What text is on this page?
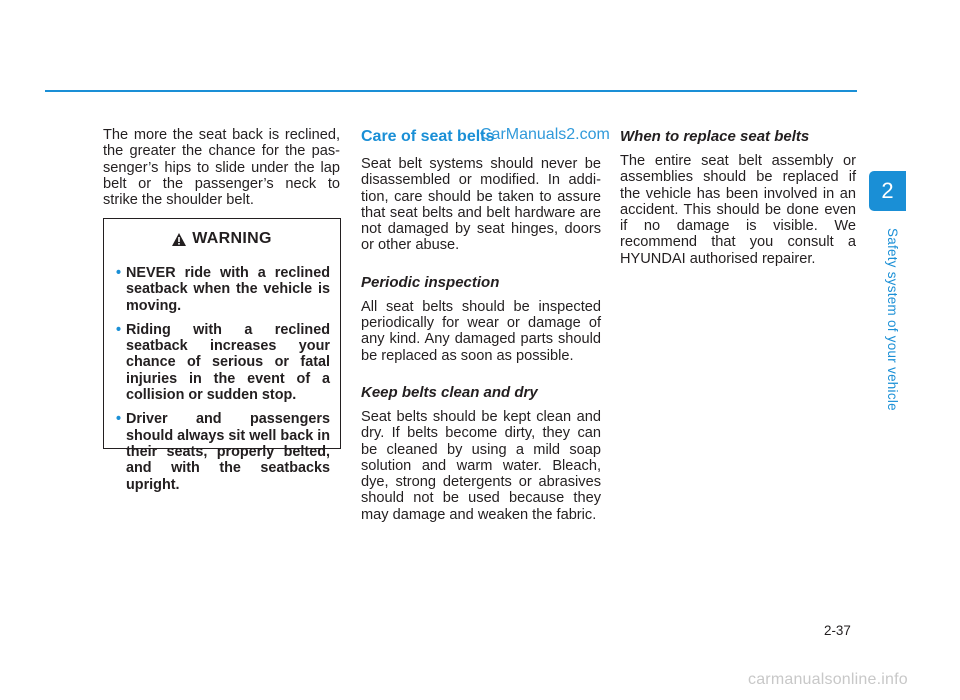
The more the seat back is reclined, the greater the chance for the passenger’s hips to slide under the lap belt or the passenger’s neck to strike the shoulder belt.

WARNING
• NEVER ride with a reclined seatback when the vehicle is moving.
• Riding with a reclined seatback increases your chance of serious or fatal injuries in the event of a collision or sudden stop.
• Driver and passengers should always sit well back in their seats, properly belted, and with the seatbacks upright.
Care of seat belts
CarManuals2.com

Seat belt systems should never be disassembled or modified. In addition, care should be taken to assure that seat belts and belt hardware are not damaged by seat hinges, doors or other abuse.

Periodic inspection

All seat belts should be inspected periodically for wear or damage of any kind. Any damaged parts should be replaced as soon as possible.

Keep belts clean and dry

Seat belts should be kept clean and dry. If belts become dirty, they can be cleaned by using a mild soap solution and warm water. Bleach, dye, strong detergents or abrasives should not be used because they may damage and weaken the fabric.

When to replace seat belts

The entire seat belt assembly or assemblies should be replaced if the vehicle has been involved in an accident. This should be done even if no damage is visible. We recommend that you consult a HYUNDAI authorised repairer.

2
Safety system of your vehicle
2-37
carmanualsonline.info
